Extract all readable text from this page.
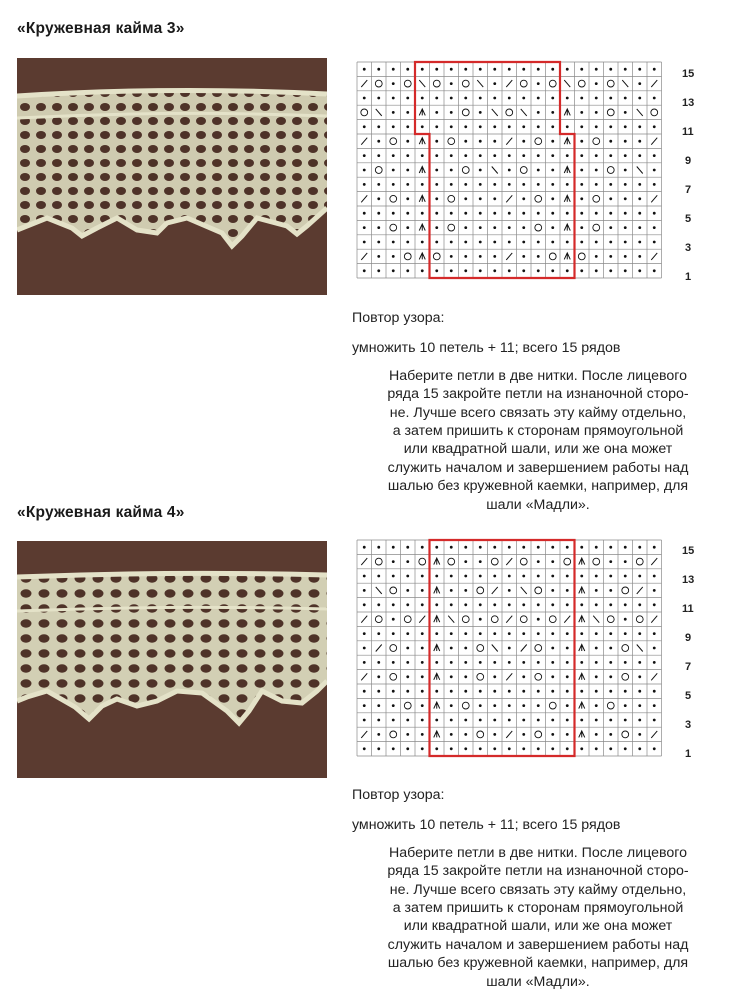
«Кружевная кайма 3»
15
13
11
9
7
5
3
1

Повтор узора:

умножить 10 петель + 11; всего 15 рядов

Наберите петли в две нитки. После лицевого

ряда 15 закройте петли на изнаночной сторо-

не. Лучше всего связать эту кайму отдельно,

а затем пришить к сторонам прямоугольной

или квадратной шали, или же она может

служить началом и завершением работы над

шалью без кружевной каемки, например, для

шали «Мадли».

«Кружевная кайма 4»
15
13
11
9
7
5
3
1

Повтор узора:

умножить 10 петель + 11; всего 15 рядов

Наберите петли в две нитки. После лицевого

ряда 15 закройте петли на изнаночной сторо-

не. Лучше всего связать эту кайму отдельно,

а затем пришить к сторонам прямоугольной

или квадратной шали, или же она может

служить началом и завершением работы над

шалью без кружевной каемки, например, для

шали «Мадли».
